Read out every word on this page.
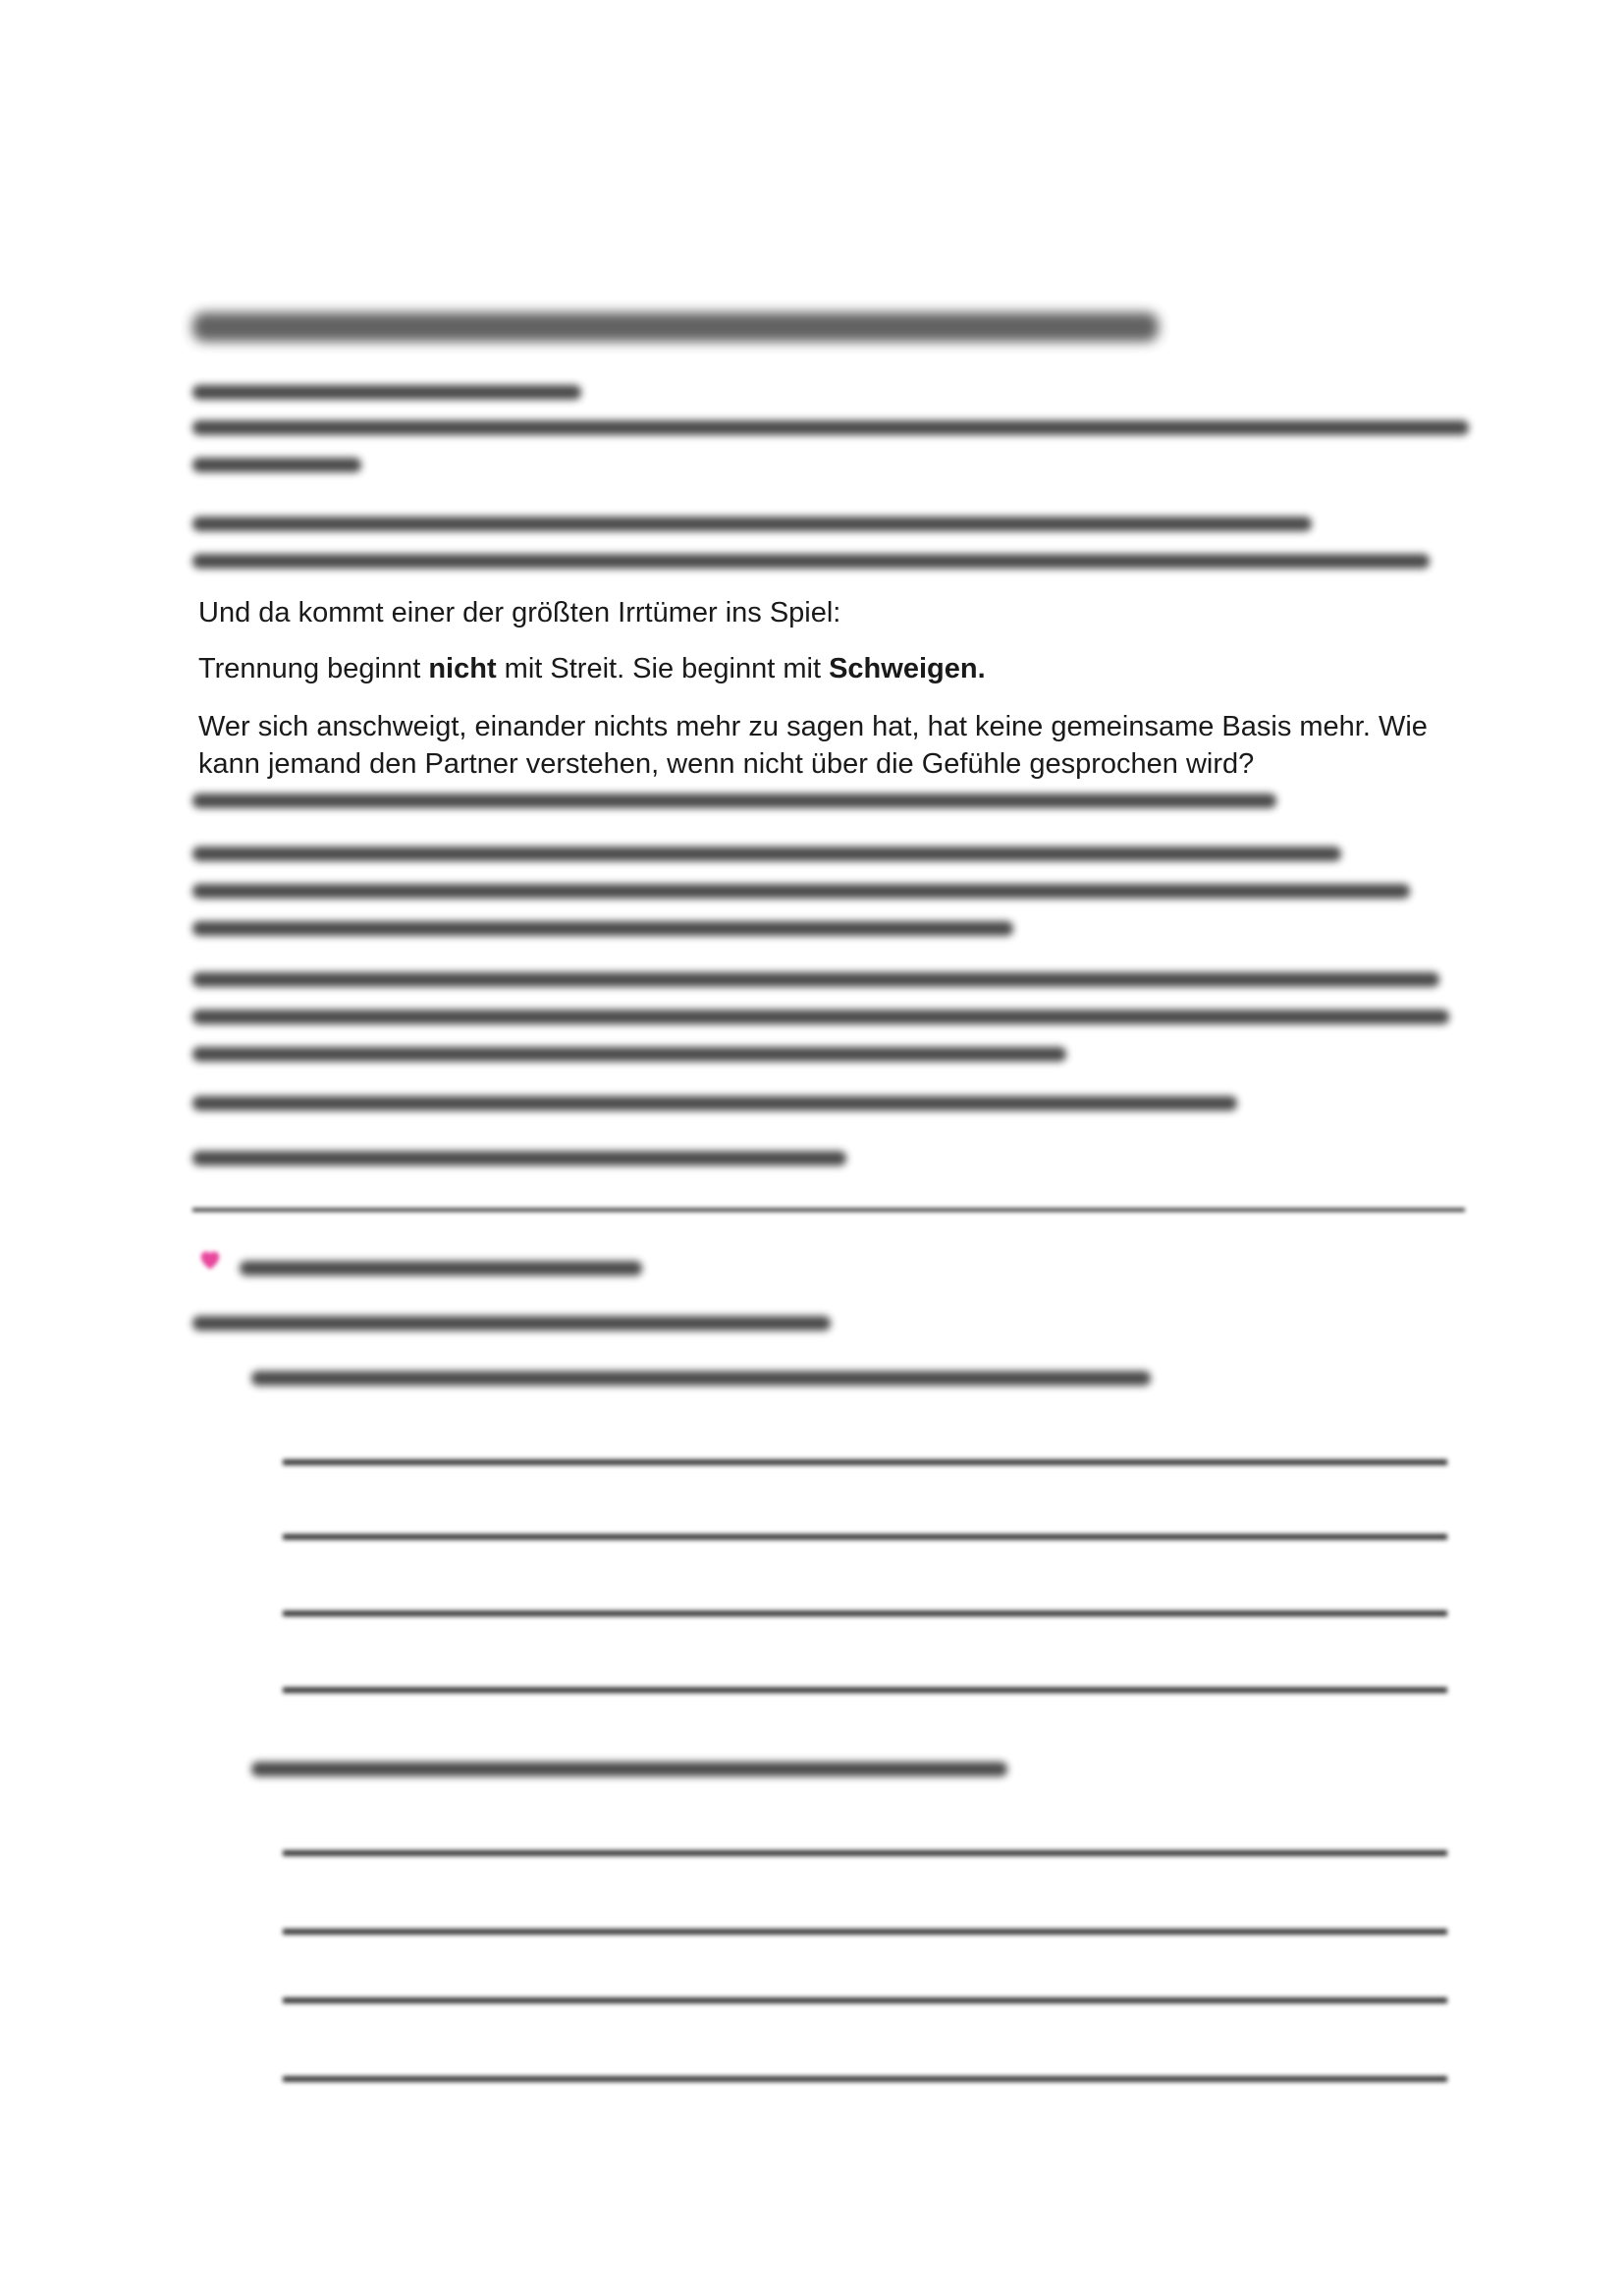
Und da kommt einer der größten Irrtümer ins Spiel:
Trennung beginnt nicht mit Streit. Sie beginnt mit Schweigen.
Wer sich anschweigt, einander nichts mehr zu sagen hat, hat keine gemeinsame Basis mehr. Wie
kann jemand den Partner verstehen, wenn nicht über die Gefühle gesprochen wird?
